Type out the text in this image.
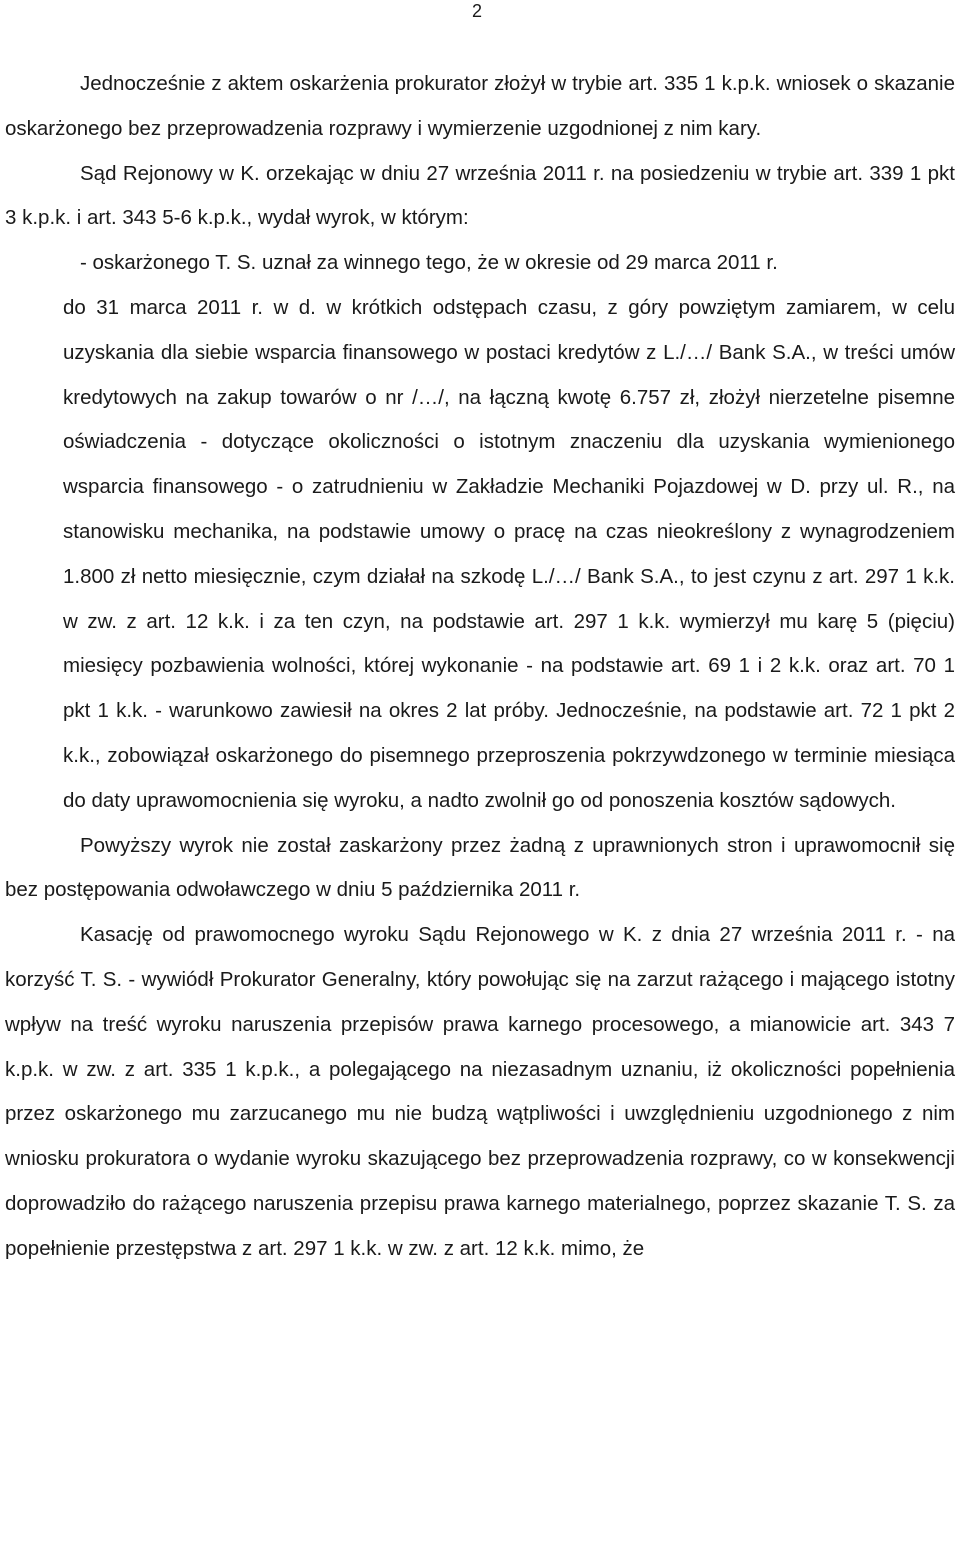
2

Jednocześnie z aktem oskarżenia prokurator złożył w trybie art. 335 1 k.p.k. wniosek o skazanie oskarżonego bez przeprowadzenia rozprawy i wymierzenie uzgodnionej z nim kary.

Sąd Rejonowy w K. orzekając w dniu 27 września 2011 r. na posiedzeniu w trybie art. 339 1 pkt 3 k.p.k. i art. 343 5-6 k.p.k., wydał wyrok, w którym:

- oskarżonego T. S. uznał za winnego tego, że w okresie od 29 marca 2011 r.

do 31 marca 2011 r. w d. w krótkich odstępach czasu, z góry powziętym zamiarem, w celu uzyskania dla siebie wsparcia finansowego w postaci kredytów z L./…/ Bank S.A., w treści umów kredytowych na zakup towarów o nr /…/, na łączną kwotę 6.757 zł, złożył nierzetelne pisemne oświadczenia - dotyczące okoliczności o istotnym znaczeniu dla uzyskania wymienionego wsparcia finansowego - o zatrudnieniu w Zakładzie Mechaniki Pojazdowej w D. przy ul. R., na stanowisku mechanika, na podstawie umowy o pracę na czas nieokreślony z wynagrodzeniem 1.800 zł netto miesięcznie, czym działał na szkodę L./…/ Bank S.A., to jest czynu z art. 297 1 k.k. w zw. z art. 12 k.k. i za ten czyn, na podstawie art. 297 1 k.k. wymierzył mu karę 5 (pięciu) miesięcy pozbawienia wolności, której wykonanie - na podstawie art. 69 1 i 2 k.k. oraz art. 70 1 pkt 1 k.k. - warunkowo zawiesił na okres 2 lat próby. Jednocześnie, na podstawie art. 72 1 pkt 2 k.k., zobowiązał oskarżonego do pisemnego przeproszenia pokrzywdzonego w terminie miesiąca do daty uprawomocnienia się wyroku, a nadto zwolnił go od ponoszenia kosztów sądowych.

Powyższy wyrok nie został zaskarżony przez żadną z uprawnionych stron i uprawomocnił się bez postępowania odwoławczego w dniu 5 października 2011 r.

Kasację od prawomocnego wyroku Sądu Rejonowego w K. z dnia 27 września 2011 r. - na korzyść T. S. - wywiódł Prokurator Generalny, który powołując się na zarzut rażącego i mającego istotny wpływ na treść wyroku naruszenia przepisów prawa karnego procesowego, a mianowicie art. 343 7 k.p.k. w zw. z art. 335 1 k.p.k., a polegającego na niezasadnym uznaniu, iż okoliczności popełnienia przez oskarżonego mu zarzucanego mu nie budzą wątpliwości i uwzględnieniu uzgodnionego z nim wniosku prokuratora o wydanie wyroku skazującego bez przeprowadzenia rozprawy, co w konsekwencji doprowadziło do rażącego naruszenia przepisu prawa karnego materialnego, poprzez skazanie T. S. za popełnienie przestępstwa z art. 297 1 k.k. w zw. z art. 12 k.k. mimo, że
